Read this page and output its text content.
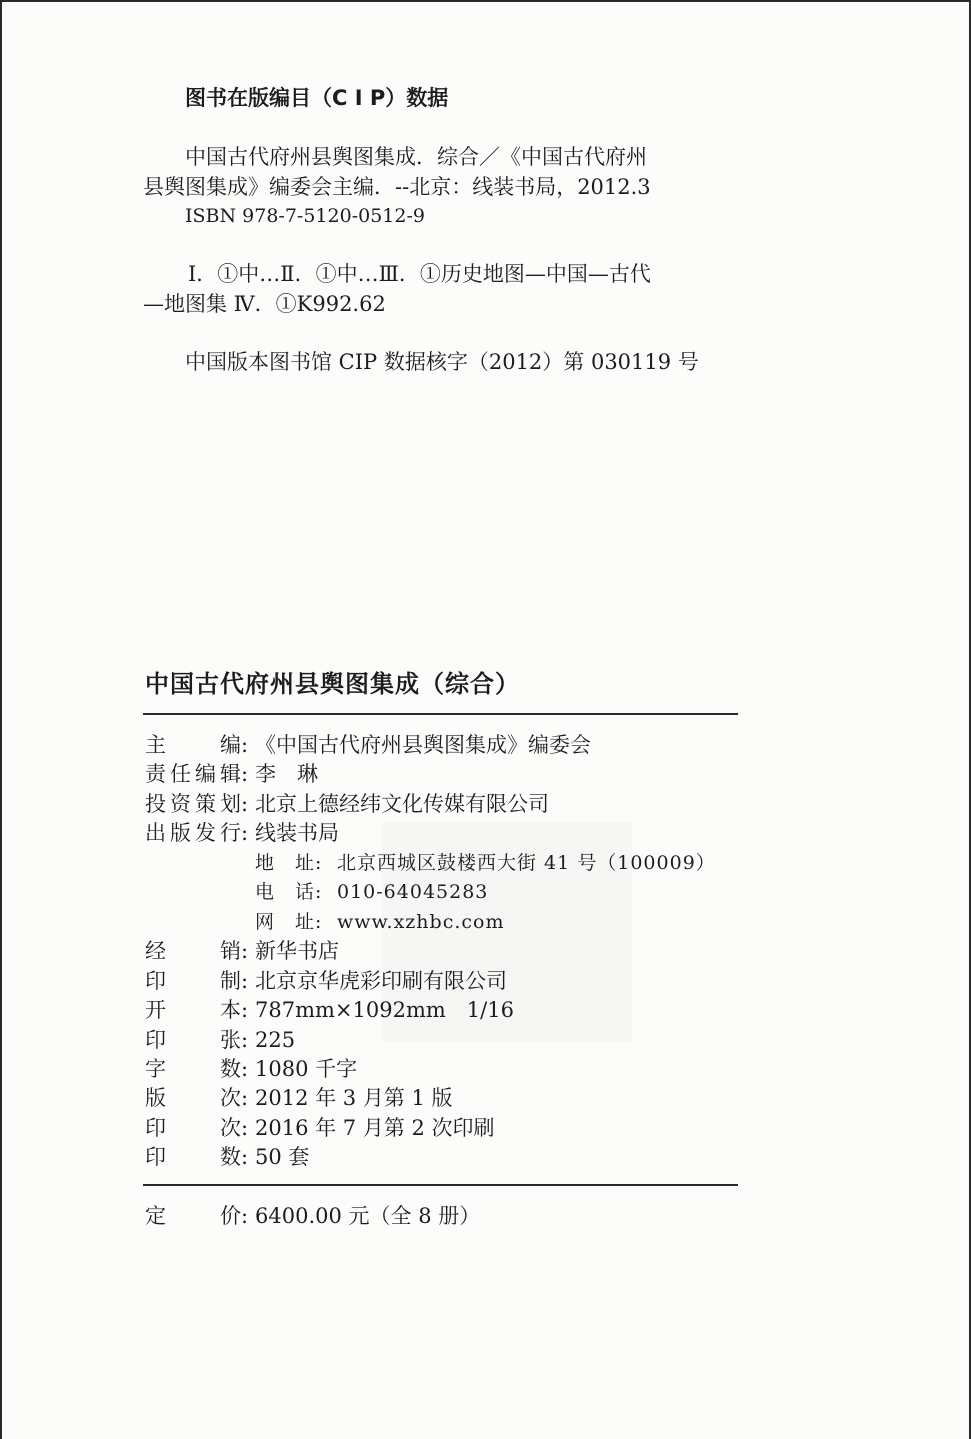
图书在版编目（C I P）数据
中国古代府州县舆图集成．综合／《中国古代府州
县舆图集成》编委会主编．--北京：线装书局，2012.3
ISBN 978-7-5120-0512-9
Ⅰ．①中…Ⅱ．①中…Ⅲ．①历史地图—中国—古代
—地图集 Ⅳ．①K992.62
中国版本图书馆 CIP 数据核字（2012）第 030119 号
中国古代府州县舆图集成（综合）
主 编: 《中国古代府州县舆图集成》编委会
责任编辑: 李　琳
投资策划: 北京上德经纬文化传媒有限公司
出版发行: 线装书局
地 址: 北京西城区鼓楼西大街 41 号（100009）
电 话: 010-64045283
网 址: www.xzhbc.com
经 销: 新华书店
印 制: 北京京华虎彩印刷有限公司
开 本: 787mm×1092mm　1/16
印 张: 225
字 数: 1080 千字
版 次: 2012 年 3 月第 1 版
印 次: 2016 年 7 月第 2 次印刷
印 数: 50 套
定 价: 6400.00 元（全 8 册）
